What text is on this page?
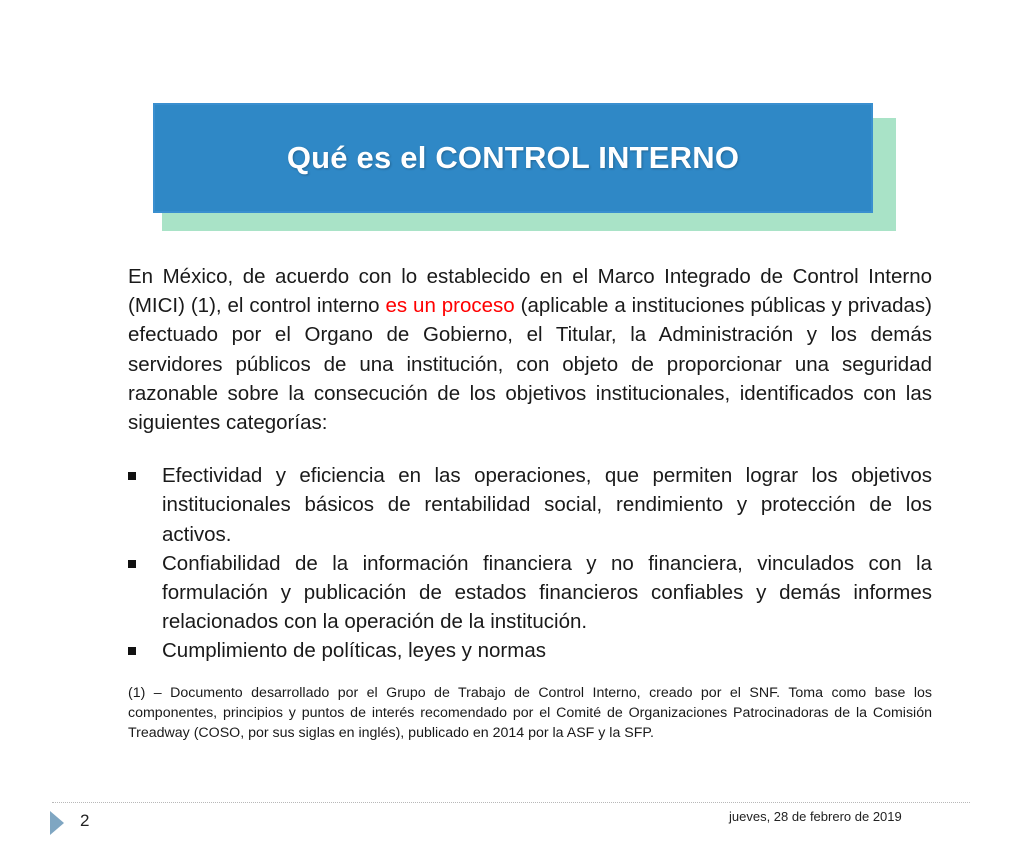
Qué es el CONTROL INTERNO

En México, de acuerdo con lo establecido en el Marco Integrado de Control Interno (MICI) (1), el control interno es un proceso (aplicable a instituciones públicas y privadas) efectuado por el Organo de Gobierno, el Titular, la Administración y los demás servidores públicos de una institución, con objeto de proporcionar una seguridad razonable sobre la consecución de los objetivos institucionales, identificados con las siguientes categorías:

Efectividad y eficiencia en las operaciones, que permiten lograr los objetivos institucionales básicos de rentabilidad social, rendimiento y protección de los activos.
Confiabilidad de la información financiera y no financiera, vinculados con la formulación y publicación de estados financieros confiables y demás informes relacionados con la operación de la institución.
Cumplimiento de políticas, leyes y normas

(1) – Documento desarrollado por el Grupo de Trabajo de Control Interno, creado por el SNF. Toma como base los componentes, principios y puntos de interés recomendado por el Comité de Organizaciones Patrocinadoras de la Comisión Treadway (COSO, por sus siglas en inglés), publicado en 2014 por la ASF y la SFP.

2	jueves, 28 de febrero de 2019
